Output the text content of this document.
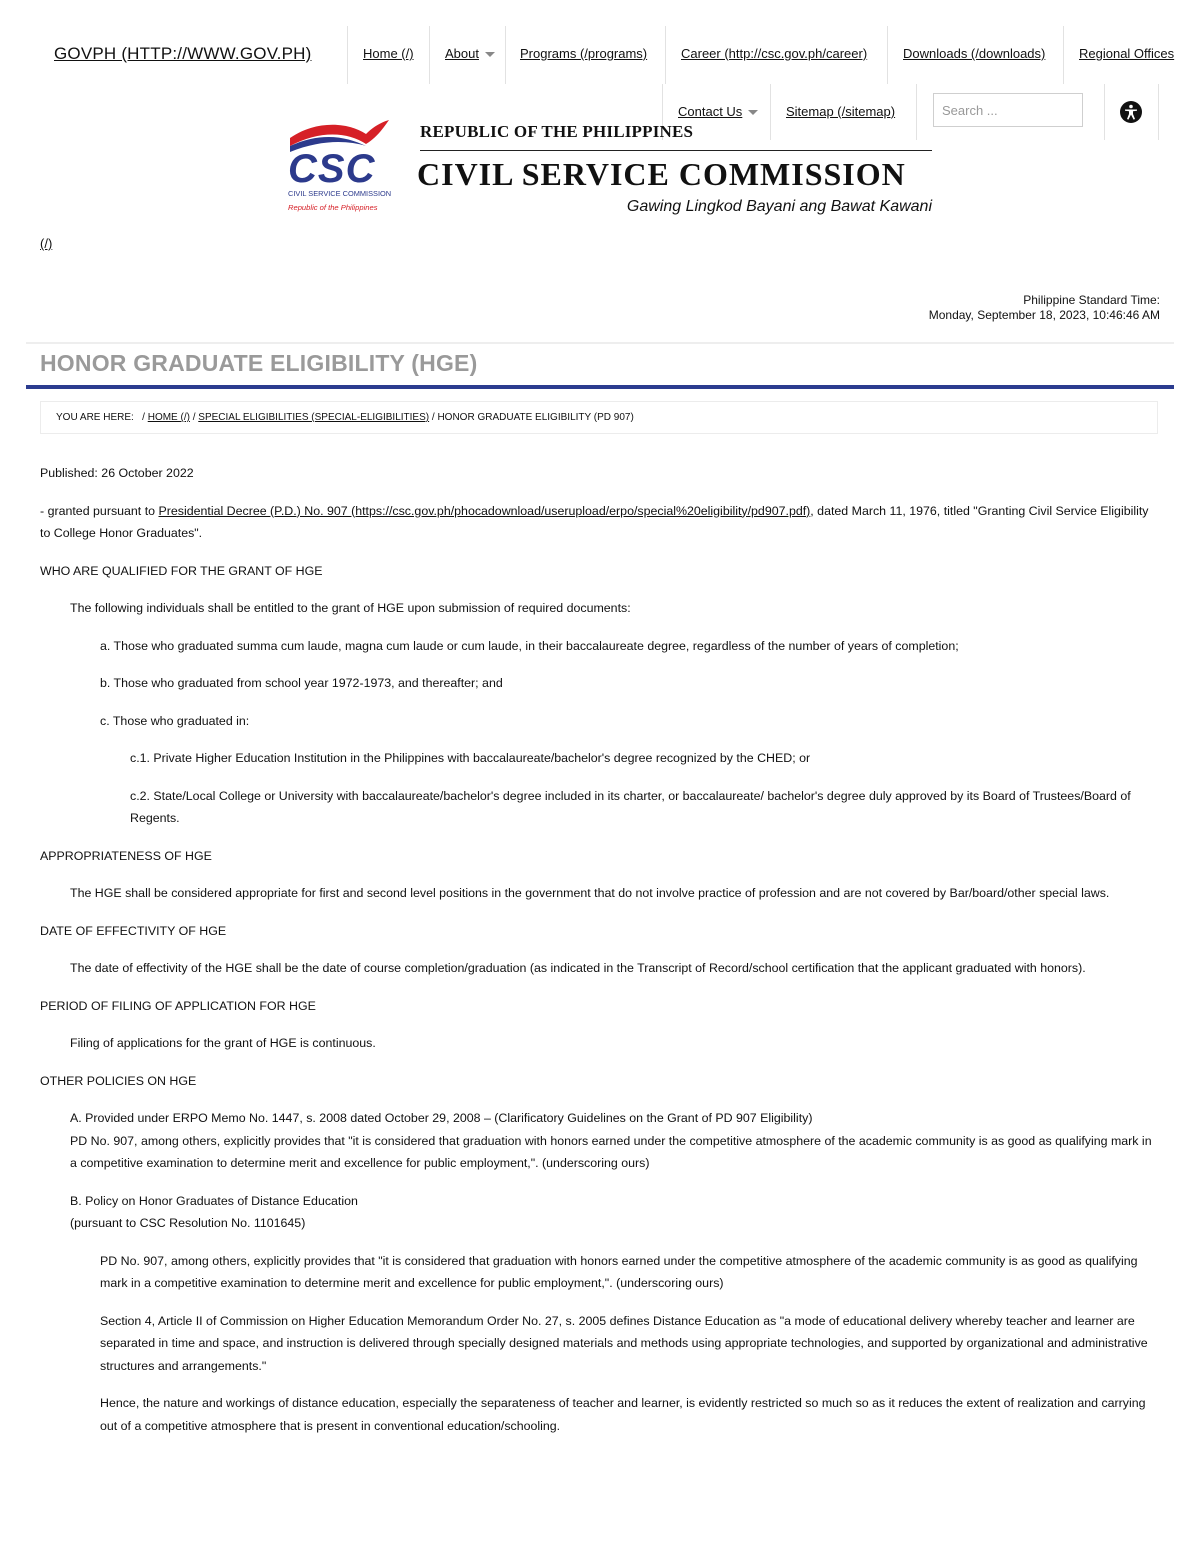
GOVPH (HTTP://WWW.GOV.PH)	Home (/) About	Programs (/programs)	Career (http://csc.gov.ph/career)	Downloads (/downloads)	Regional Offices
Contact Us	Sitemap (/sitemap)
Search ...
CSC
CIVIL SERVICE COMMISSION
Republic of the Philippines
REPUBLIC OF THE PHILIPPINES
CIVIL SERVICE COMMISSION
Gawing Lingkod Bayani ang Bawat Kawani
(/)
Philippine Standard Time:
Monday, September 18, 2023, 10:46:46 AM
HONOR GRADUATE ELIGIBILITY (HGE)
YOU ARE HERE: / HOME (/) / SPECIAL ELIGIBILITIES (SPECIAL-ELIGIBILITIES) / HONOR GRADUATE ELIGIBILITY (PD 907)

Published: 26 October 2022

- granted pursuant to Presidential Decree (P.D.) No. 907 (https://csc.gov.ph/phocadownload/userupload/erpo/special%20eligibility/pd907.pdf), dated March 11, 1976, titled "Granting Civil Service Eligibility to College Honor Graduates".

WHO ARE QUALIFIED FOR THE GRANT OF HGE

The following individuals shall be entitled to the grant of HGE upon submission of required documents:

a. Those who graduated summa cum laude, magna cum laude or cum laude, in their baccalaureate degree, regardless of the number of years of completion;

b. Those who graduated from school year 1972-1973, and thereafter; and

c. Those who graduated in:

c.1. Private Higher Education Institution in the Philippines with baccalaureate/bachelor's degree recognized by the CHED; or

c.2. State/Local College or University with baccalaureate/bachelor's degree included in its charter, or baccalaureate/ bachelor's degree duly approved by its Board of Trustees/Board of Regents.

APPROPRIATENESS OF HGE

The HGE shall be considered appropriate for first and second level positions in the government that do not involve practice of profession and are not covered by Bar/board/other special laws.

DATE OF EFFECTIVITY OF HGE

The date of effectivity of the HGE shall be the date of course completion/graduation (as indicated in the Transcript of Record/school certification that the applicant graduated with honors).

PERIOD OF FILING OF APPLICATION FOR HGE

Filing of applications for the grant of HGE is continuous.

OTHER POLICIES ON HGE

A. Provided under ERPO Memo No. 1447, s. 2008 dated October 29, 2008 – (Clarificatory Guidelines on the Grant of PD 907 Eligibility)

PD No. 907, among others, explicitly provides that "it is considered that graduation with honors earned under the competitive atmosphere of the academic community is as good as qualifying mark in a competitive examination to determine merit and excellence for public employment,". (underscoring ours)

B. Policy on Honor Graduates of Distance Education

(pursuant to CSC Resolution No. 1101645)

PD No. 907, among others, explicitly provides that "it is considered that graduation with honors earned under the competitive atmosphere of the academic community is as good as qualifying mark in a competitive examination to determine merit and excellence for public employment,". (underscoring ours)

Section 4, Article II of Commission on Higher Education Memorandum Order No. 27, s. 2005 defines Distance Education as "a mode of educational delivery whereby teacher and learner are separated in time and space, and instruction is delivered through specially designed materials and methods using appropriate technologies, and supported by organizational and administrative structures and arrangements."

Hence, the nature and workings of distance education, especially the separateness of teacher and learner, is evidently restricted so much so as it reduces the extent of realization and carrying out of a competitive atmosphere that is present in conventional education/schooling.
